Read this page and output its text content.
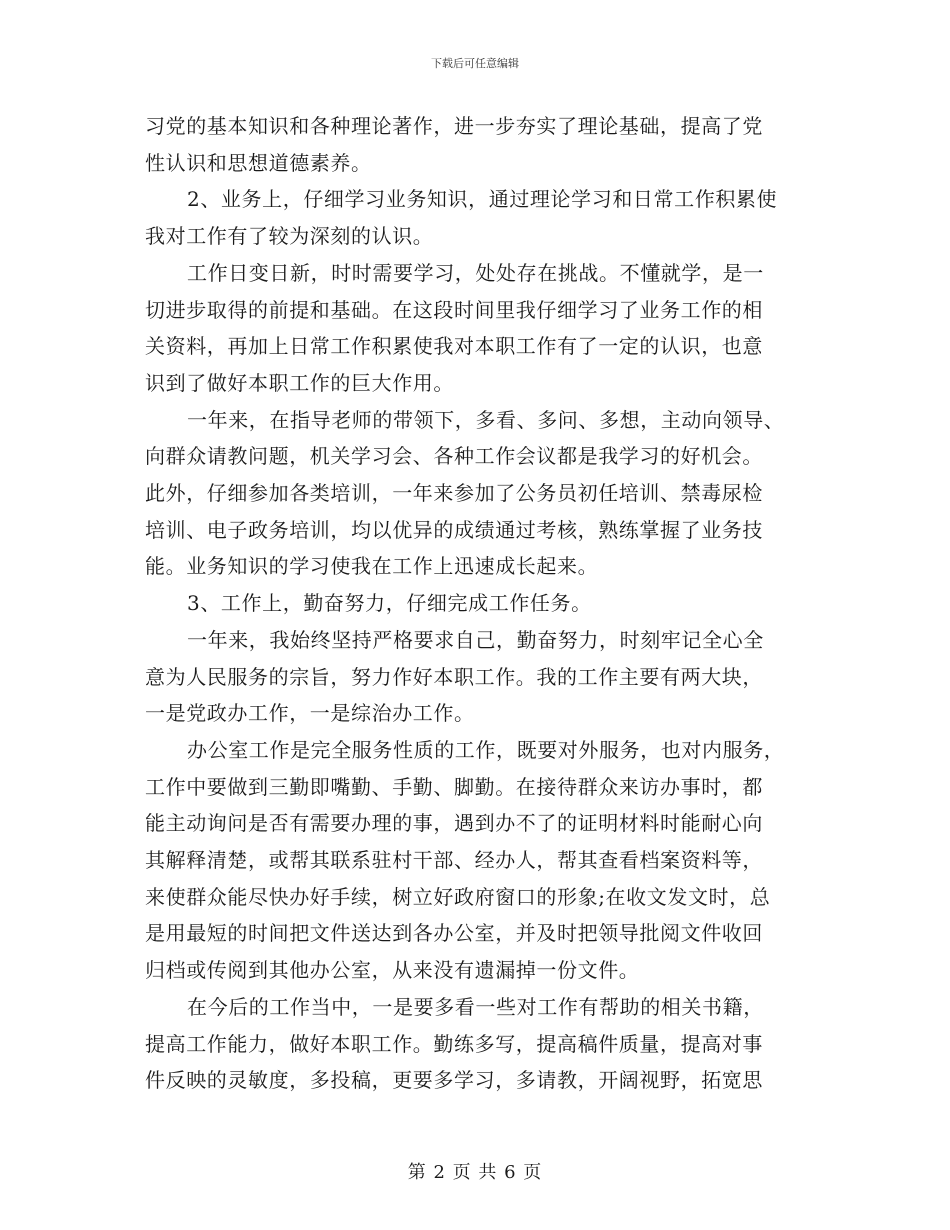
下载后可任意编辑
习党的基本知识和各种理论著作，进一步夯实了理论基础，提高了党
性认识和思想道德素养。
2、业务上，仔细学习业务知识，通过理论学习和日常工作积累使
我对工作有了较为深刻的认识。
工作日变日新，时时需要学习，处处存在挑战。不懂就学，是一
切进步取得的前提和基础。在这段时间里我仔细学习了业务工作的相
关资料，再加上日常工作积累使我对本职工作有了一定的认识，也意
识到了做好本职工作的巨大作用。
一年来，在指导老师的带领下，多看、多问、多想，主动向领导、
向群众请教问题，机关学习会、各种工作会议都是我学习的好机会。
此外，仔细参加各类培训，一年来参加了公务员初任培训、禁毒尿检
培训、电子政务培训，均以优异的成绩通过考核，熟练掌握了业务技
能。业务知识的学习使我在工作上迅速成长起来。
3、工作上，勤奋努力，仔细完成工作任务。
一年来，我始终坚持严格要求自己，勤奋努力，时刻牢记全心全
意为人民服务的宗旨，努力作好本职工作。我的工作主要有两大块，
一是党政办工作，一是综治办工作。
办公室工作是完全服务性质的工作，既要对外服务，也对内服务，
工作中要做到三勤即嘴勤、手勤、脚勤。在接待群众来访办事时，都
能主动询问是否有需要办理的事，遇到办不了的证明材料时能耐心向
其解释清楚，或帮其联系驻村干部、经办人，帮其查看档案资料等，
来使群众能尽快办好手续，树立好政府窗口的形象;在收文发文时，总
是用最短的时间把文件送达到各办公室，并及时把领导批阅文件收回
归档或传阅到其他办公室，从来没有遗漏掉一份文件。
在今后的工作当中，一是要多看一些对工作有帮助的相关书籍，
提高工作能力，做好本职工作。勤练多写，提高稿件质量，提高对事
件反映的灵敏度，多投稿，更要多学习，多请教，开阔视野，拓宽思
第 2 页 共 6 页
